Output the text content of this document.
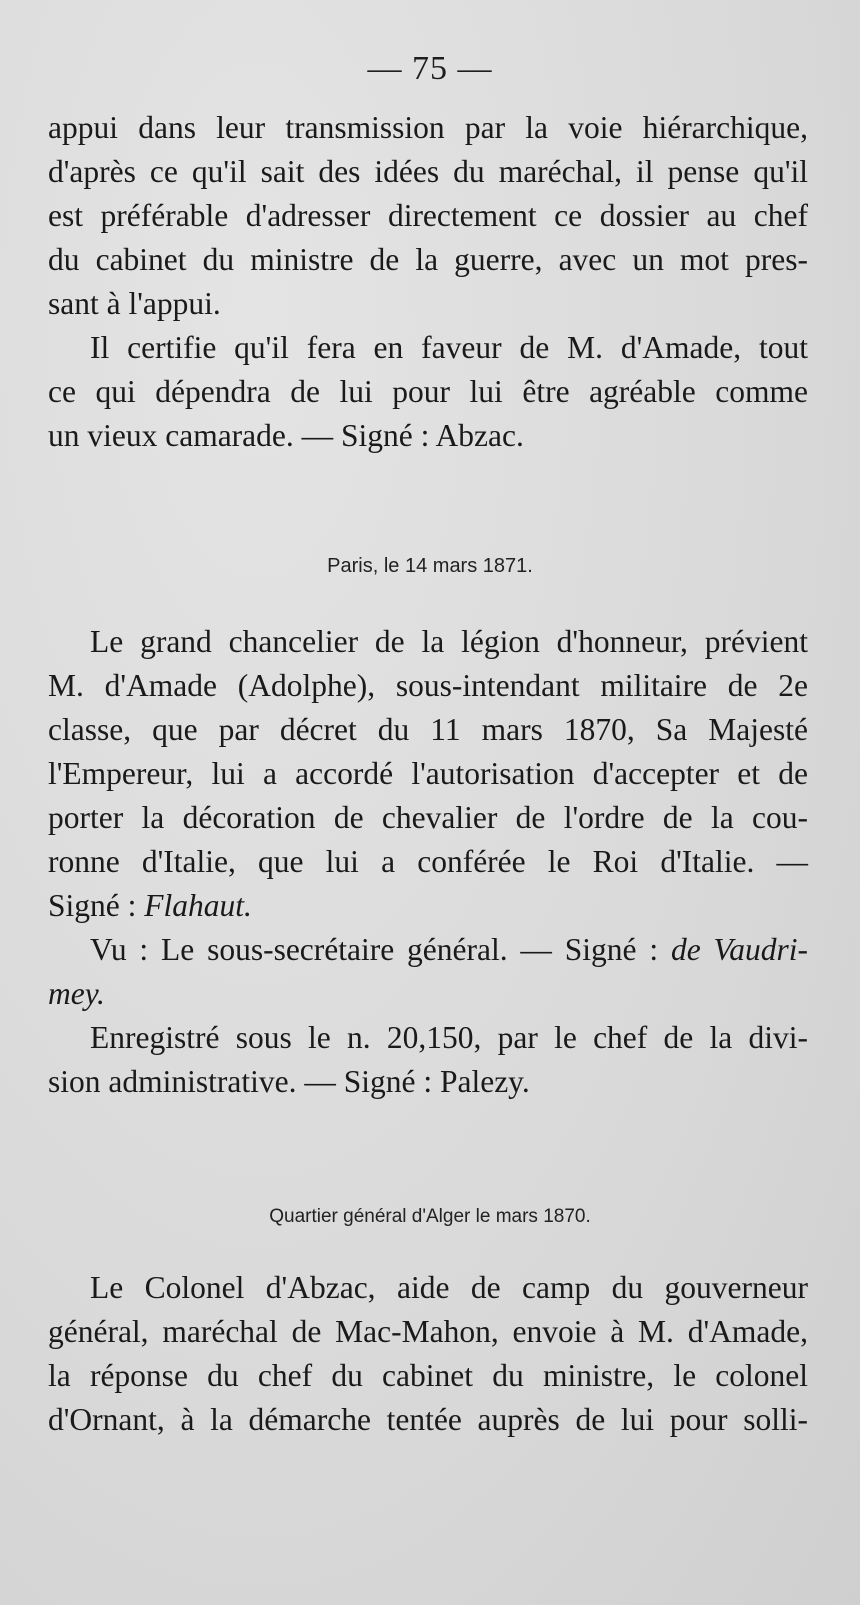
— 75 —
appui dans leur transmission par la voie hiérarchique,
d'après ce qu'il sait des idées du maréchal, il pense qu'il
est préférable d'adresser directement ce dossier au chef
du cabinet du ministre de la guerre, avec un mot pres-
sant à l'appui.
Il certifie qu'il fera en faveur de M. d'Amade, tout
ce qui dépendra de lui pour lui être agréable comme
un vieux camarade. — Signé : Abzac.
Paris, le 14 mars 1871.
Le grand chancelier de la légion d'honneur, prévient
M. d'Amade (Adolphe), sous-intendant militaire de 2e
classe, que par décret du 11 mars 1870, Sa Majesté
l'Empereur, lui a accordé l'autorisation d'accepter et de
porter la décoration de chevalier de l'ordre de la cou-
ronne d'Italie, que lui a conférée le Roi d'Italie. —
Signé : Flahaut.
Vu : Le sous-secrétaire général. — Signé : de Vaudri-
mey.
Enregistré sous le n. 20,150, par le chef de la divi-
sion administrative. — Signé : Palezy.
Quartier général d'Alger le mars 1870.
Le Colonel d'Abzac, aide de camp du gouverneur
général, maréchal de Mac-Mahon, envoie à M. d'Amade,
la réponse du chef du cabinet du ministre, le colonel
d'Ornant, à la démarche tentée auprès de lui pour solli-
